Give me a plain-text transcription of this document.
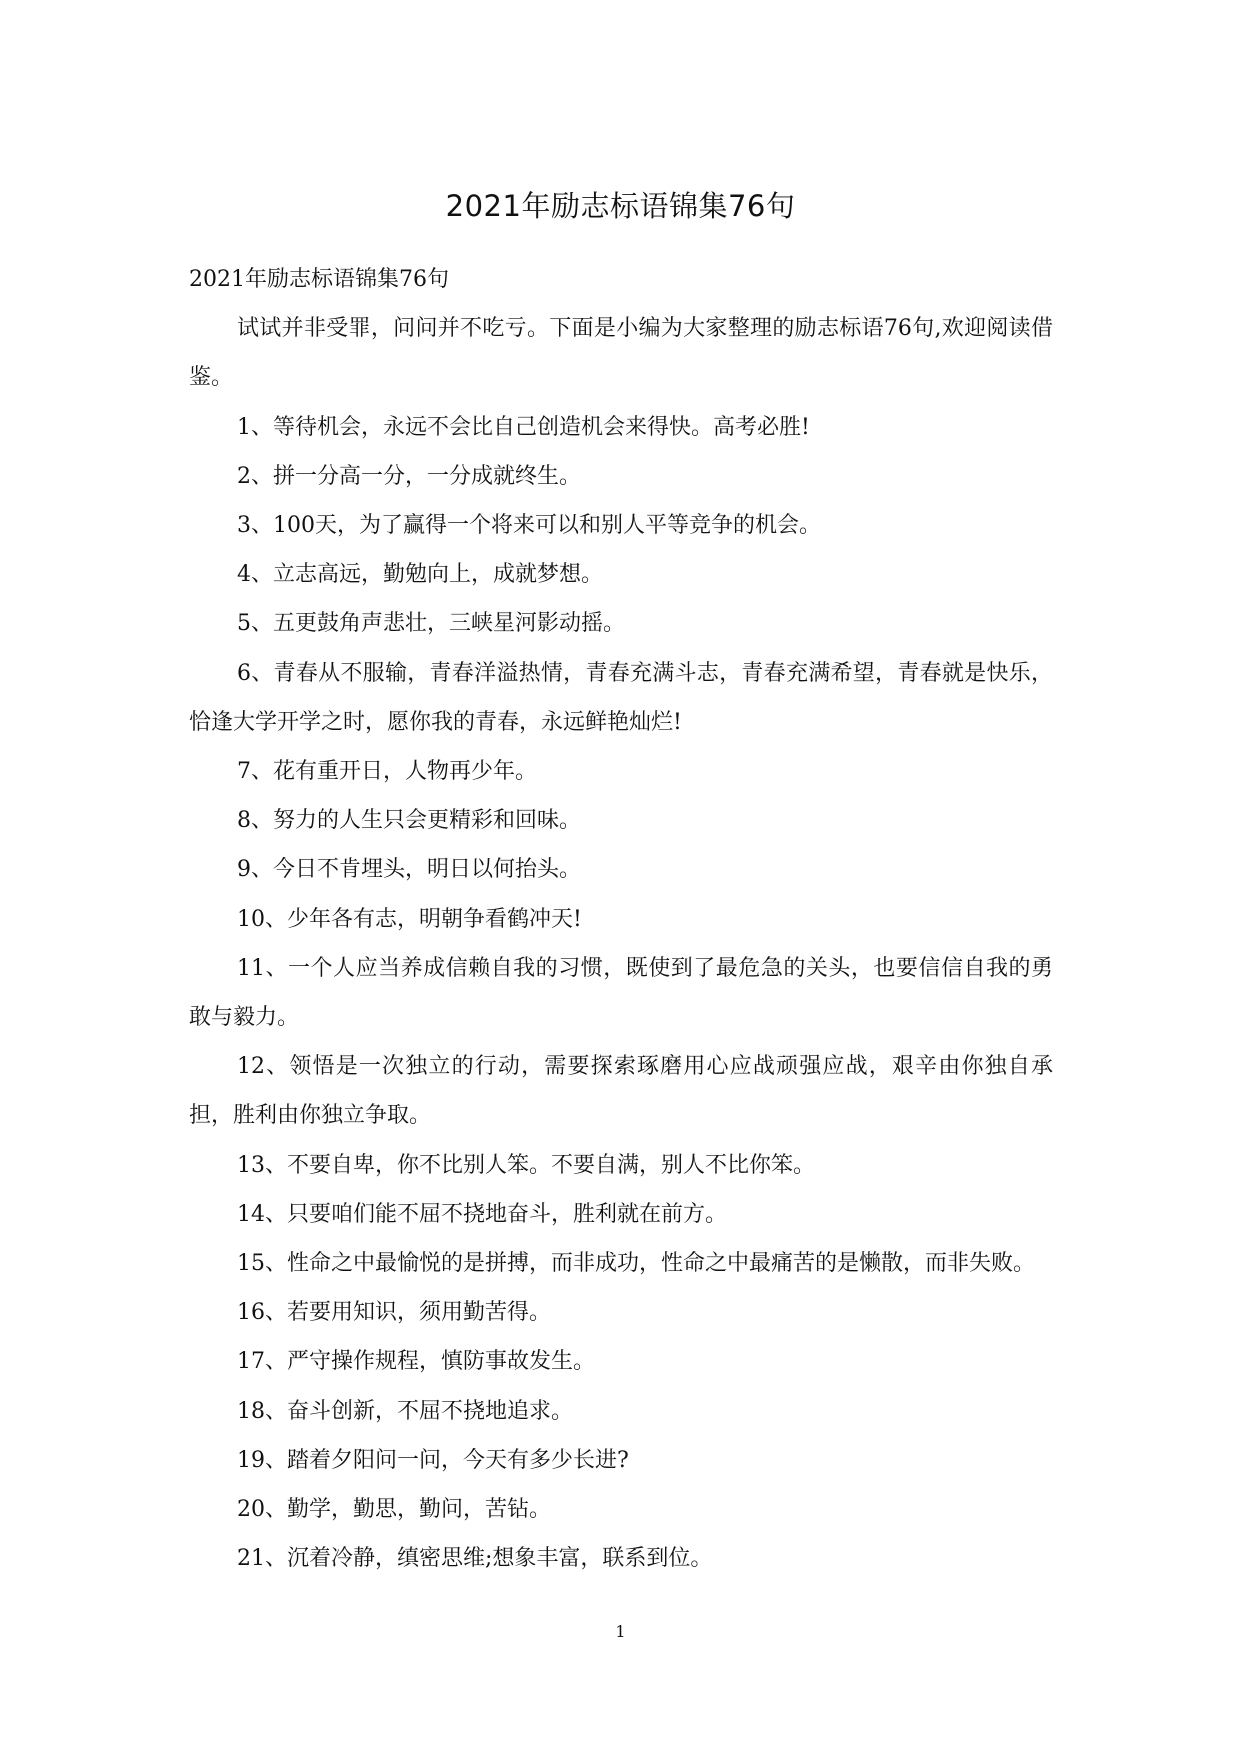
2021年励志标语锦集76句

2021年励志标语锦集76句

试试并非受罪，问问并不吃亏。下面是小编为大家整理的励志标语76句,欢迎阅读借鉴。

1、等待机会，永远不会比自己创造机会来得快。高考必胜!

2、拼一分高一分，一分成就终生。

3、100天，为了赢得一个将来可以和别人平等竞争的机会。

4、立志高远，勤勉向上，成就梦想。

5、五更鼓角声悲壮，三峡星河影动摇。

6、青春从不服输，青春洋溢热情，青春充满斗志，青春充满希望，青春就是快乐，恰逢大学开学之时，愿你我的青春，永远鲜艳灿烂!

7、花有重开日，人物再少年。

8、努力的人生只会更精彩和回味。

9、今日不肯埋头，明日以何抬头。

10、少年各有志，明朝争看鹤冲天!

11、一个人应当养成信赖自我的习惯，既使到了最危急的关头，也要信信自我的勇敢与毅力。

12、领悟是一次独立的行动，需要探索琢磨用心应战顽强应战，艰辛由你独自承担，胜利由你独立争取。

13、不要自卑，你不比别人笨。不要自满，别人不比你笨。

14、只要咱们能不屈不挠地奋斗，胜利就在前方。

15、性命之中最愉悦的是拼搏，而非成功，性命之中最痛苦的是懒散，而非失败。

16、若要用知识，须用勤苦得。

17、严守操作规程，慎防事故发生。

18、奋斗创新，不屈不挠地追求。

19、踏着夕阳问一问，今天有多少长进?

20、勤学，勤思，勤问，苦钻。

21、沉着冷静，缜密思维;想象丰富，联系到位。

1
